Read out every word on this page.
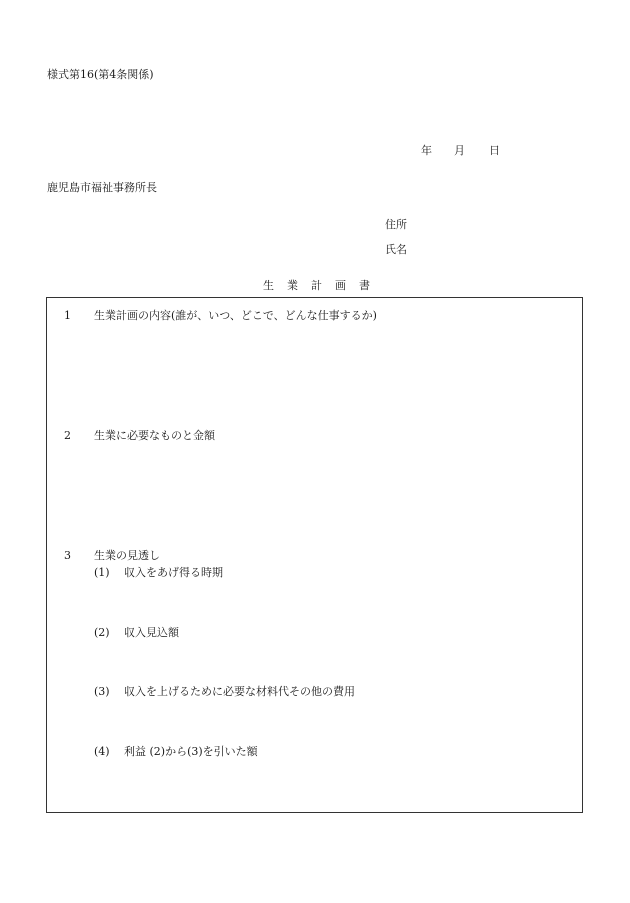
様式第16(第4条関係)
年 月 日
鹿児島市福祉事務所長
住所
氏名
生業計画書
1 生業計画の内容(誰が、いつ、どこで、どんな仕事するか)
2 生業に必要なものと金額
3 生業の見透し
(1) 収入をあげ得る時期
(2) 収入見込額
(3) 収入を上げるために必要な材料代その他の費用
(4) 利益 (2)から(3)を引いた額
